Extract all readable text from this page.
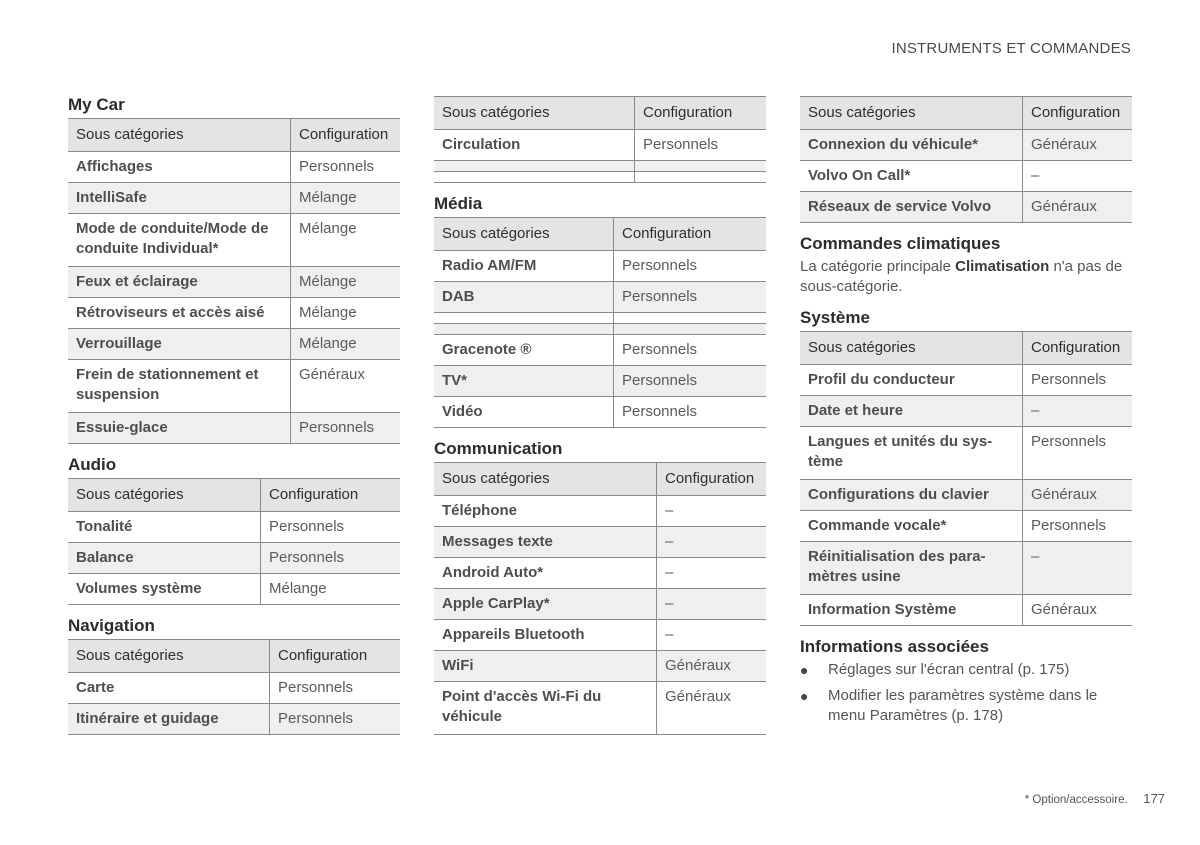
INSTRUMENTS ET COMMANDES
My Car
Sous catégories	Configuration
Affichages	Personnels
IntelliSafe	Mélange
Mode de conduite/Mode de conduite Individual*	Mélange
Feux et éclairage	Mélange
Rétroviseurs et accès aisé	Mélange
Verrouillage	Mélange
Frein de stationnement et suspension	Généraux
Essuie-glace	Personnels
Audio
Sous catégories	Configuration
Tonalité	Personnels
Balance	Personnels
Volumes système	Mélange
Navigation
Sous catégories	Configuration
Carte	Personnels
Itinéraire et guidage	Personnels
Sous catégories	Configuration
Circulation	Personnels

Média
Sous catégories	Configuration
Radio AM/FM	Personnels
DAB	Personnels

Gracenote ®	Personnels
TV*	Personnels
Vidéo	Personnels
Communication
Sous catégories	Configuration
Téléphone	–
Messages texte	–
Android Auto*	–
Apple CarPlay*	–
Appareils Bluetooth	–
WiFi	Généraux
Point d'accès Wi-Fi du véhicule	Généraux
Sous catégories	Configuration
Connexion du véhicule*	Généraux
Volvo On Call*	–
Réseaux de service Volvo	Généraux
Commandes climatiques

La catégorie principale Climatisation n'a pas de sous-catégorie.

Système
Sous catégories	Configuration
Profil du conducteur	Personnels
Date et heure	–
Langues et unités du sys-tème	Personnels
Configurations du clavier	Généraux
Commande vocale*	Personnels
Réinitialisation des para-mètres usine	–
Information Système	Généraux
Informations associées
● Réglages sur l'écran central (p. 175)
● Modifier les paramètres système dans le menu Paramètres (p. 178)
* Option/accessoire. 177
